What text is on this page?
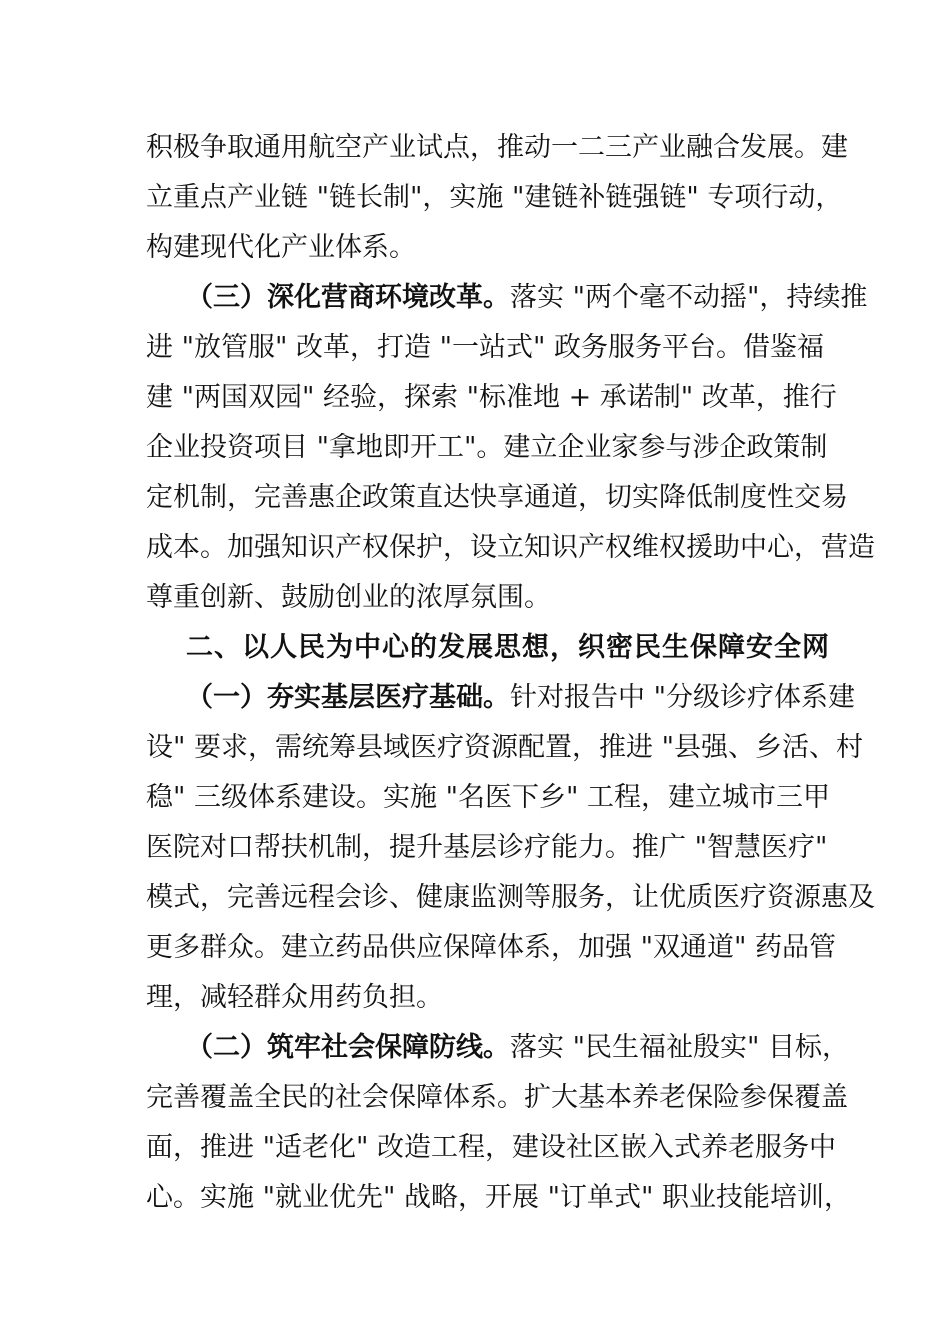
积极争取通用航空产业试点，推动一二三产业融合发展。建
立重点产业链 "链长制"，实施 "建链补链强链" 专项行动，
构建现代化产业体系。
（三）深化营商环境改革。落实 "两个毫不动摇"，持续推
进 "放管服" 改革，打造 "一站式" 政务服务平台。借鉴福
建 "两国双园" 经验，探索 "标准地 + 承诺制" 改革，推行
企业投资项目 "拿地即开工"。建立企业家参与涉企政策制
定机制，完善惠企政策直达快享通道，切实降低制度性交易
成本。加强知识产权保护，设立知识产权维权援助中心，营造
尊重创新、鼓励创业的浓厚氛围。
二、以人民为中心的发展思想，织密民生保障安全网
（一）夯实基层医疗基础。针对报告中 "分级诊疗体系建
设" 要求，需统筹县域医疗资源配置，推进 "县强、乡活、村
稳" 三级体系建设。实施 "名医下乡" 工程，建立城市三甲
医院对口帮扶机制，提升基层诊疗能力。推广 "智慧医疗"
模式，完善远程会诊、健康监测等服务，让优质医疗资源惠及
更多群众。建立药品供应保障体系，加强 "双通道" 药品管
理，减轻群众用药负担。
（二）筑牢社会保障防线。落实 "民生福祉殷实" 目标，
完善覆盖全民的社会保障体系。扩大基本养老保险参保覆盖
面，推进 "适老化" 改造工程，建设社区嵌入式养老服务中
心。实施 "就业优先" 战略，开展 "订单式" 职业技能培训，
